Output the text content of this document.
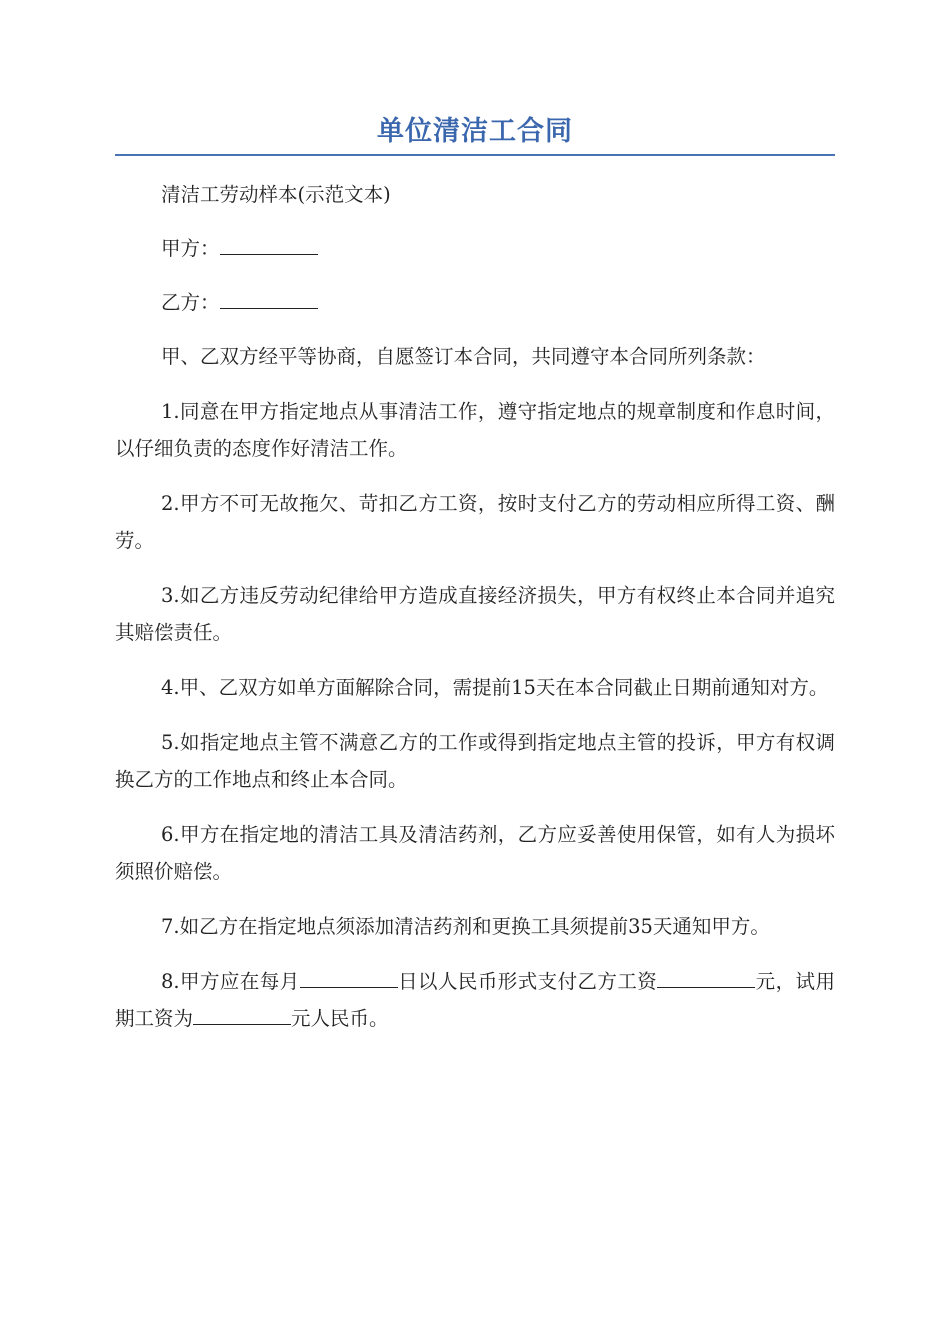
单位清洁工合同

清洁工劳动样本(示范文本)

甲方：

乙方：

甲、乙双方经平等协商，自愿签订本合同，共同遵守本合同所列条款：

1.同意在甲方指定地点从事清洁工作，遵守指定地点的规章制度和作息时间，以仔细负责的态度作好清洁工作。

2.甲方不可无故拖欠、苛扣乙方工资，按时支付乙方的劳动相应所得工资、酬劳。

3.如乙方违反劳动纪律给甲方造成直接经济损失，甲方有权终止本合同并追究其赔偿责任。

4.甲、乙双方如单方面解除合同，需提前15天在本合同截止日期前通知对方。

5.如指定地点主管不满意乙方的工作或得到指定地点主管的投诉，甲方有权调换乙方的工作地点和终止本合同。

6.甲方在指定地的清洁工具及清洁药剂，乙方应妥善使用保管，如有人为损坏须照价赔偿。

7.如乙方在指定地点须添加清洁药剂和更换工具须提前35天通知甲方。

8.甲方应在每月	日以人民币形式支付乙方工资	元，试用期工资为	元人民币。
